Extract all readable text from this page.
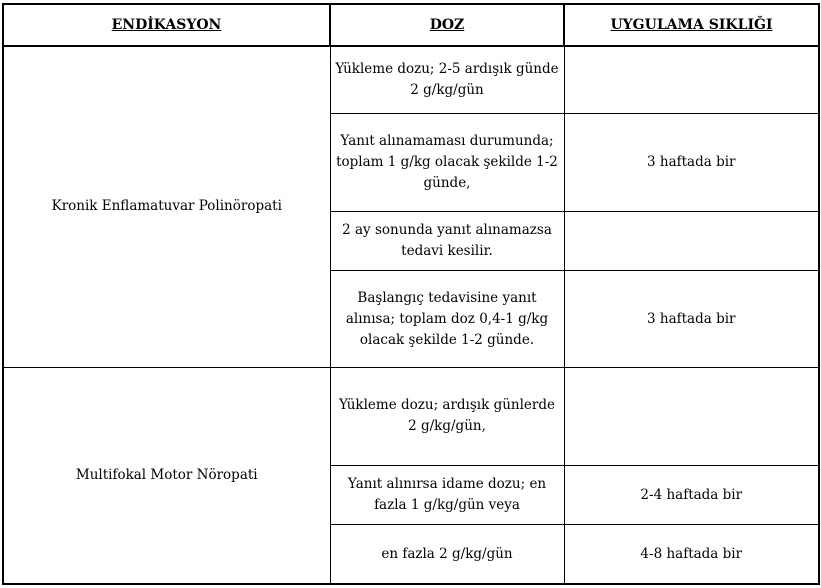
ENDİKASYON	DOZ	UYGULAMA SIKLIĞI

Kronik Enflamatuvar Polinöropati	Yükleme dozu; 2-5 ardışık günde 2 g/kg/gün	

	Yanıt alınamaması durumunda; toplam 1 g/kg olacak şekilde 1-2 günde,	3 haftada bir

	2 ay sonunda yanıt alınamazsa tedavi kesilir.	

	Başlangıç tedavisine yanıt alınısa; toplam doz 0,4-1 g/kg olacak şekilde 1-2 günde.	3 haftada bir

Multifokal Motor Nöropati	Yükleme dozu; ardışık günlerde 2 g/kg/gün,	

	Yanıt alınırsa idame dozu; en fazla 1 g/kg/gün veya	2-4 haftada bir

	en fazla 2 g/kg/gün	4-8 haftada bir
